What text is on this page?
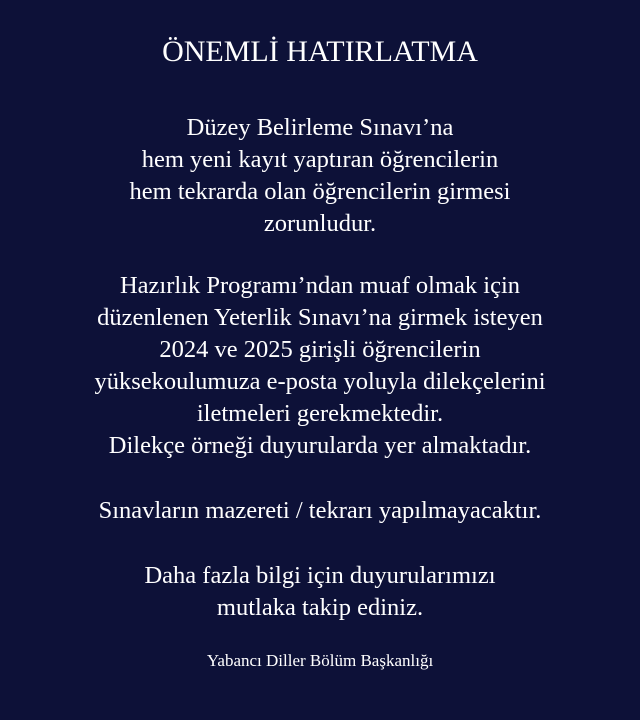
ÖNEMLİ HATIRLATMA
Düzey Belirleme Sınavı’na
hem yeni kayıt yaptıran öğrencilerin
hem tekrarda olan öğrencilerin girmesi
zorunludur.
Hazırlık Programı’ndan muaf olmak için
düzenlenen Yeterlik Sınavı’na girmek isteyen
2024 ve 2025 girişli öğrencilerin
yüksekoulumuza e-posta yoluyla dilekçelerini
iletmeleri gerekmektedir.
Dilekçe örneği duyurularda yer almaktadır.
Sınavların mazereti / tekrarı yapılmayacaktır.
Daha fazla bilgi için duyurularımızı
mutlaka takip ediniz.
Yabancı Diller Bölüm Başkanlığı
